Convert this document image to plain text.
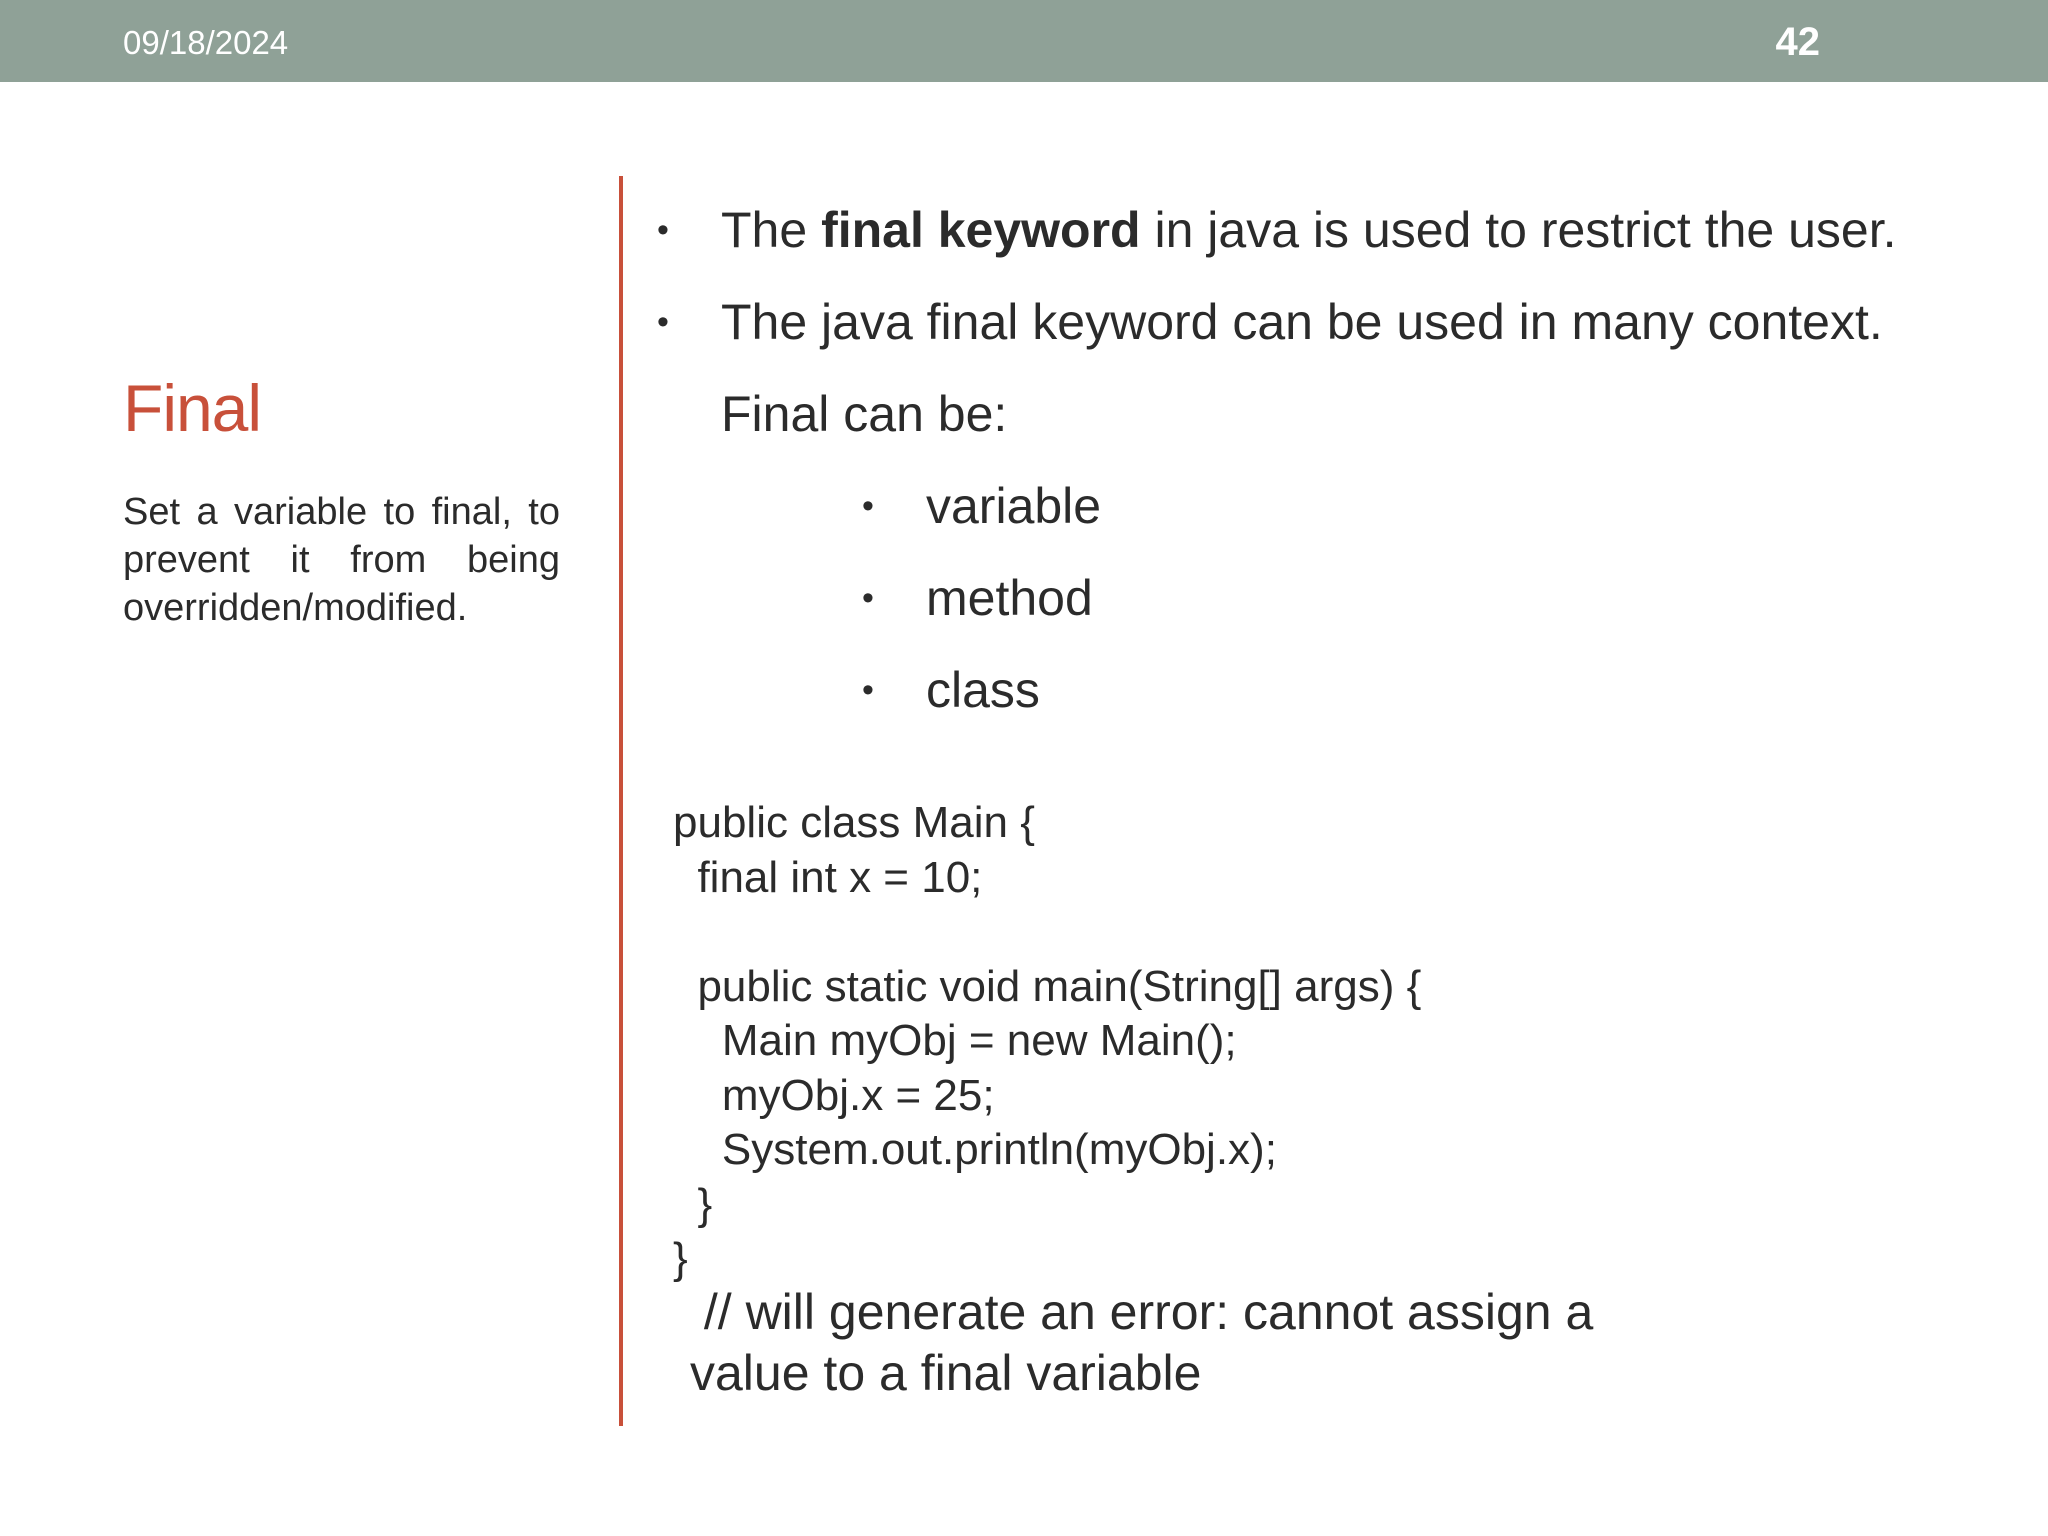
09/18/2024	42
Final
Set a variable to final, to prevent it from being overridden/modified.
• The final keyword in java is used to restrict the user.
• The java final keyword can be used in many context.
Final can be:
• variable
• method
• class
public class Main {
final int x = 10;
public static void main(String[] args) {
Main myObj = new Main();
myObj.x = 25;
System.out.println(myObj.x);
}
}
// will generate an error: cannot assign a
value to a final variable
